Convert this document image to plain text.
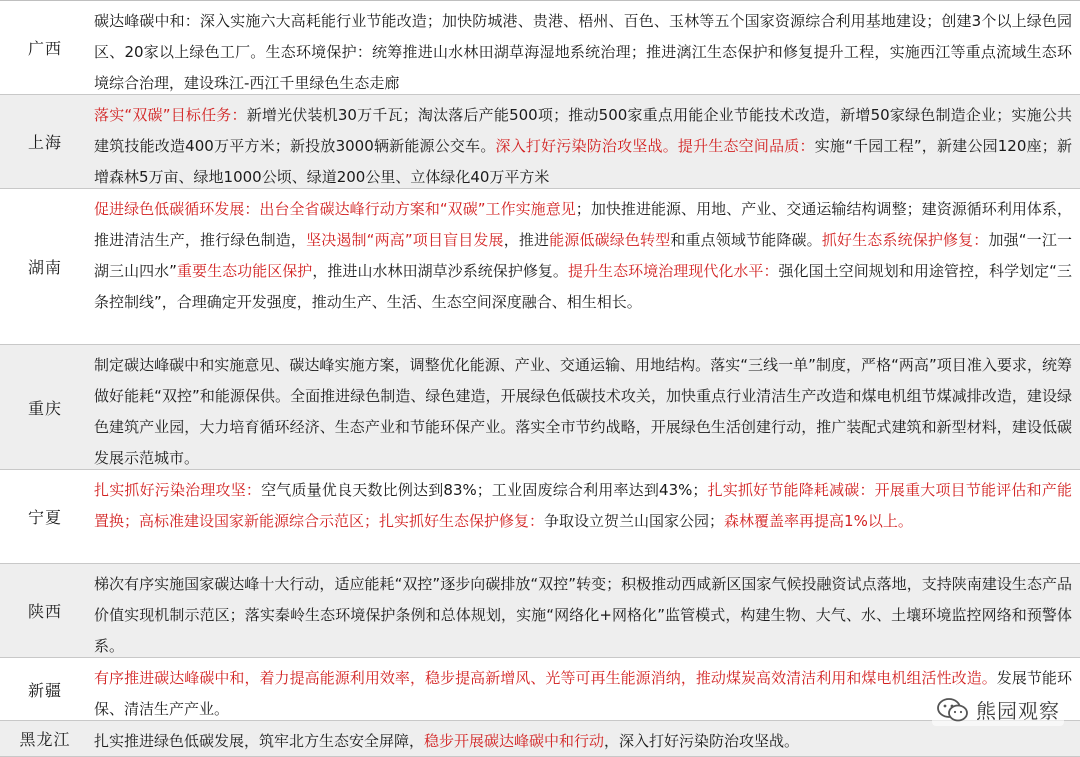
广西
碳达峰碳中和：深入实施六大高耗能行业节能改造；加快防城港、贵港、梧州、百色、玉林等五个国家资源综合利用基地建设；创建3个以上绿色园区、20家以上绿色工厂。生态环境保护：统筹推进山水林田湖草海湿地系统治理；推进漓江生态保护和修复提升工程，实施西江等重点流域生态环境综合治理，建设珠江-西江千里绿色生态走廊
上海
落实“双碳”目标任务：新增光伏装机30万千瓦；淘汰落后产能500项；推动500家重点用能企业节能技术改造，新增50家绿色制造企业；实施公共建筑技能改造400万平方米；新投放3000辆新能源公交车。深入打好污染防治攻坚战。提升生态空间品质：实施“千园工程”，新建公园120座；新增森林5万亩、绿地1000公顷、绿道200公里、立体绿化40万平方米
湖南
促进绿色低碳循环发展：出台全省碳达峰行动方案和“双碳”工作实施意见；加快推进能源、用地、产业、交通运输结构调整；建资源循环利用体系，推进清洁生产，推行绿色制造，坚决遏制“两高”项目盲目发展，推进能源低碳绿色转型和重点领域节能降碳。抓好生态系统保护修复：加强“一江一湖三山四水”重要生态功能区保护，推进山水林田湖草沙系统保护修复。提升生态环境治理现代化水平：强化国土空间规划和用途管控，科学划定“三条控制线”，合理确定开发强度，推动生产、生活、生态空间深度融合、相生相长。
重庆
制定碳达峰碳中和实施意见、碳达峰实施方案，调整优化能源、产业、交通运输、用地结构。落实“三线一单”制度，严格“两高”项目准入要求，统筹做好能耗“双控”和能源保供。全面推进绿色制造、绿色建造，开展绿色低碳技术攻关，加快重点行业清洁生产改造和煤电机组节煤减排改造，建设绿色建筑产业园，大力培育循环经济、生态产业和节能环保产业。落实全市节约战略，开展绿色生活创建行动，推广装配式建筑和新型材料，建设低碳发展示范城市。
宁夏
扎实抓好污染治理攻坚：空气质量优良天数比例达到83%；工业固废综合利用率达到43%；扎实抓好节能降耗减碳：开展重大项目节能评估和产能置换；高标准建设国家新能源综合示范区；扎实抓好生态保护修复：争取设立贺兰山国家公园；森林覆盖率再提高1%以上。
陕西
梯次有序实施国家碳达峰十大行动，适应能耗“双控”逐步向碳排放“双控”转变；积极推动西咸新区国家气候投融资试点落地，支持陕南建设生态产品价值实现机制示范区；落实秦岭生态环境保护条例和总体规划，实施“网络化+网格化”监管模式，构建生物、大气、水、土壤环境监控网络和预警体系。
新疆
有序推进碳达峰碳中和，着力提高能源利用效率，稳步提高新增风、光等可再生能源消纳，推动煤炭高效清洁利用和煤电机组活性改造。发展节能环保、清洁生产产业。
黑龙江	扎实推进绿色低碳发展，筑牢北方生态安全屏障，稳步开展碳达峰碳中和行动，深入打好污染防治攻坚战。
熊园观察
